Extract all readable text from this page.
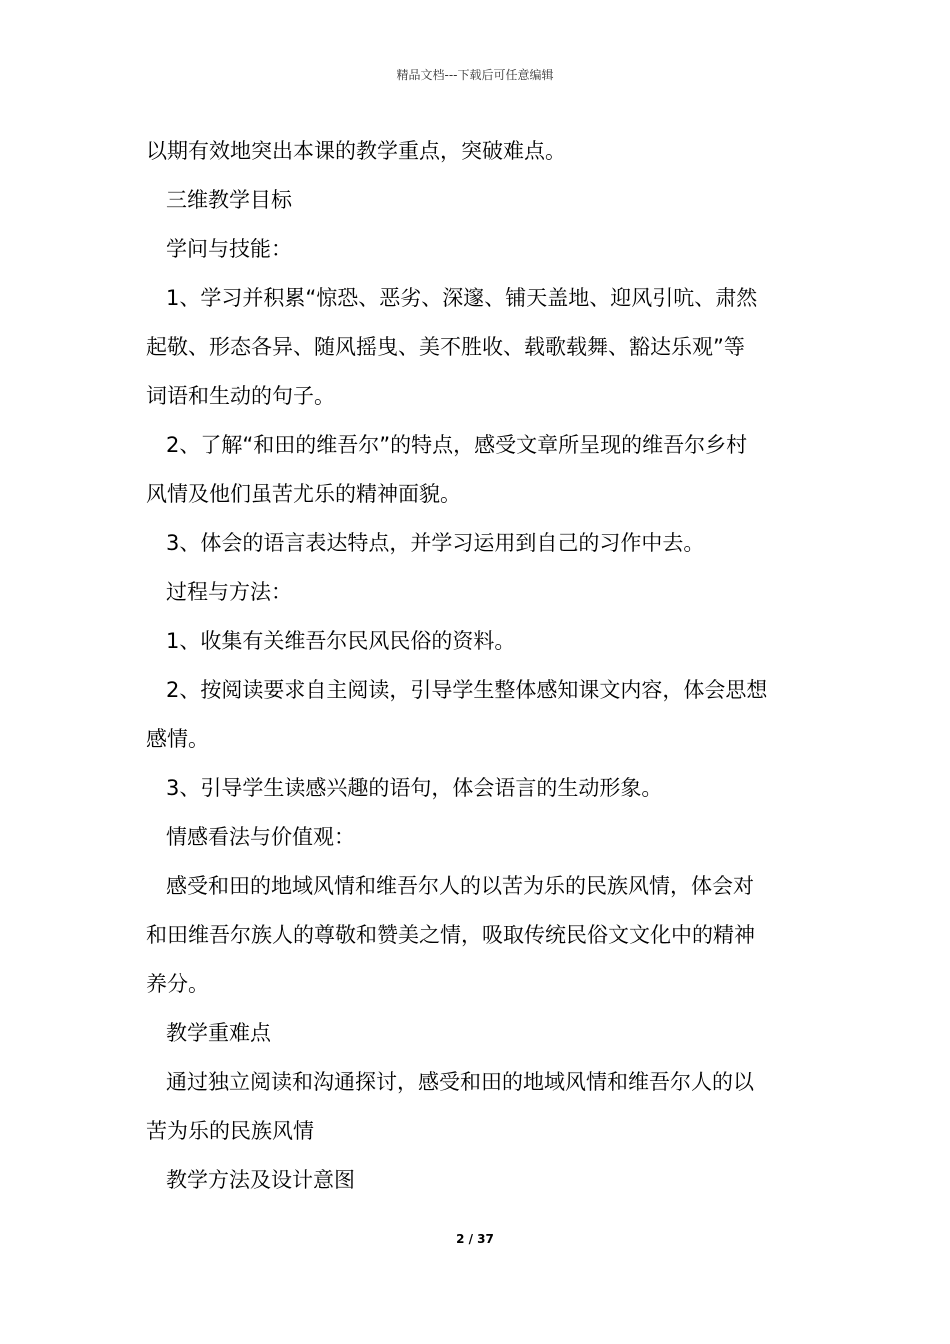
精品文档---下载后可任意编辑
以期有效地突出本课的教学重点，突破难点。
三维教学目标
学问与技能：
1、学习并积累“惊恐、恶劣、深邃、铺天盖地、迎风引吭、肃然
起敬、形态各异、随风摇曳、美不胜收、载歌载舞、豁达乐观”等
词语和生动的句子。
2、了解“和田的维吾尔”的特点，感受文章所呈现的维吾尔乡村
风情及他们虽苦尤乐的精神面貌。
3、体会的语言表达特点，并学习运用到自己的习作中去。
过程与方法：
1、收集有关维吾尔民风民俗的资料。
2、按阅读要求自主阅读，引导学生整体感知课文内容，体会思想
感情。
3、引导学生读感兴趣的语句，体会语言的生动形象。
情感看法与价值观：
感受和田的地域风情和维吾尔人的以苦为乐的民族风情，体会对
和田维吾尔族人的尊敬和赞美之情，吸取传统民俗文文化中的精神
养分。
教学重难点
通过独立阅读和沟通探讨，感受和田的地域风情和维吾尔人的以
苦为乐的民族风情
教学方法及设计意图
2 / 37
